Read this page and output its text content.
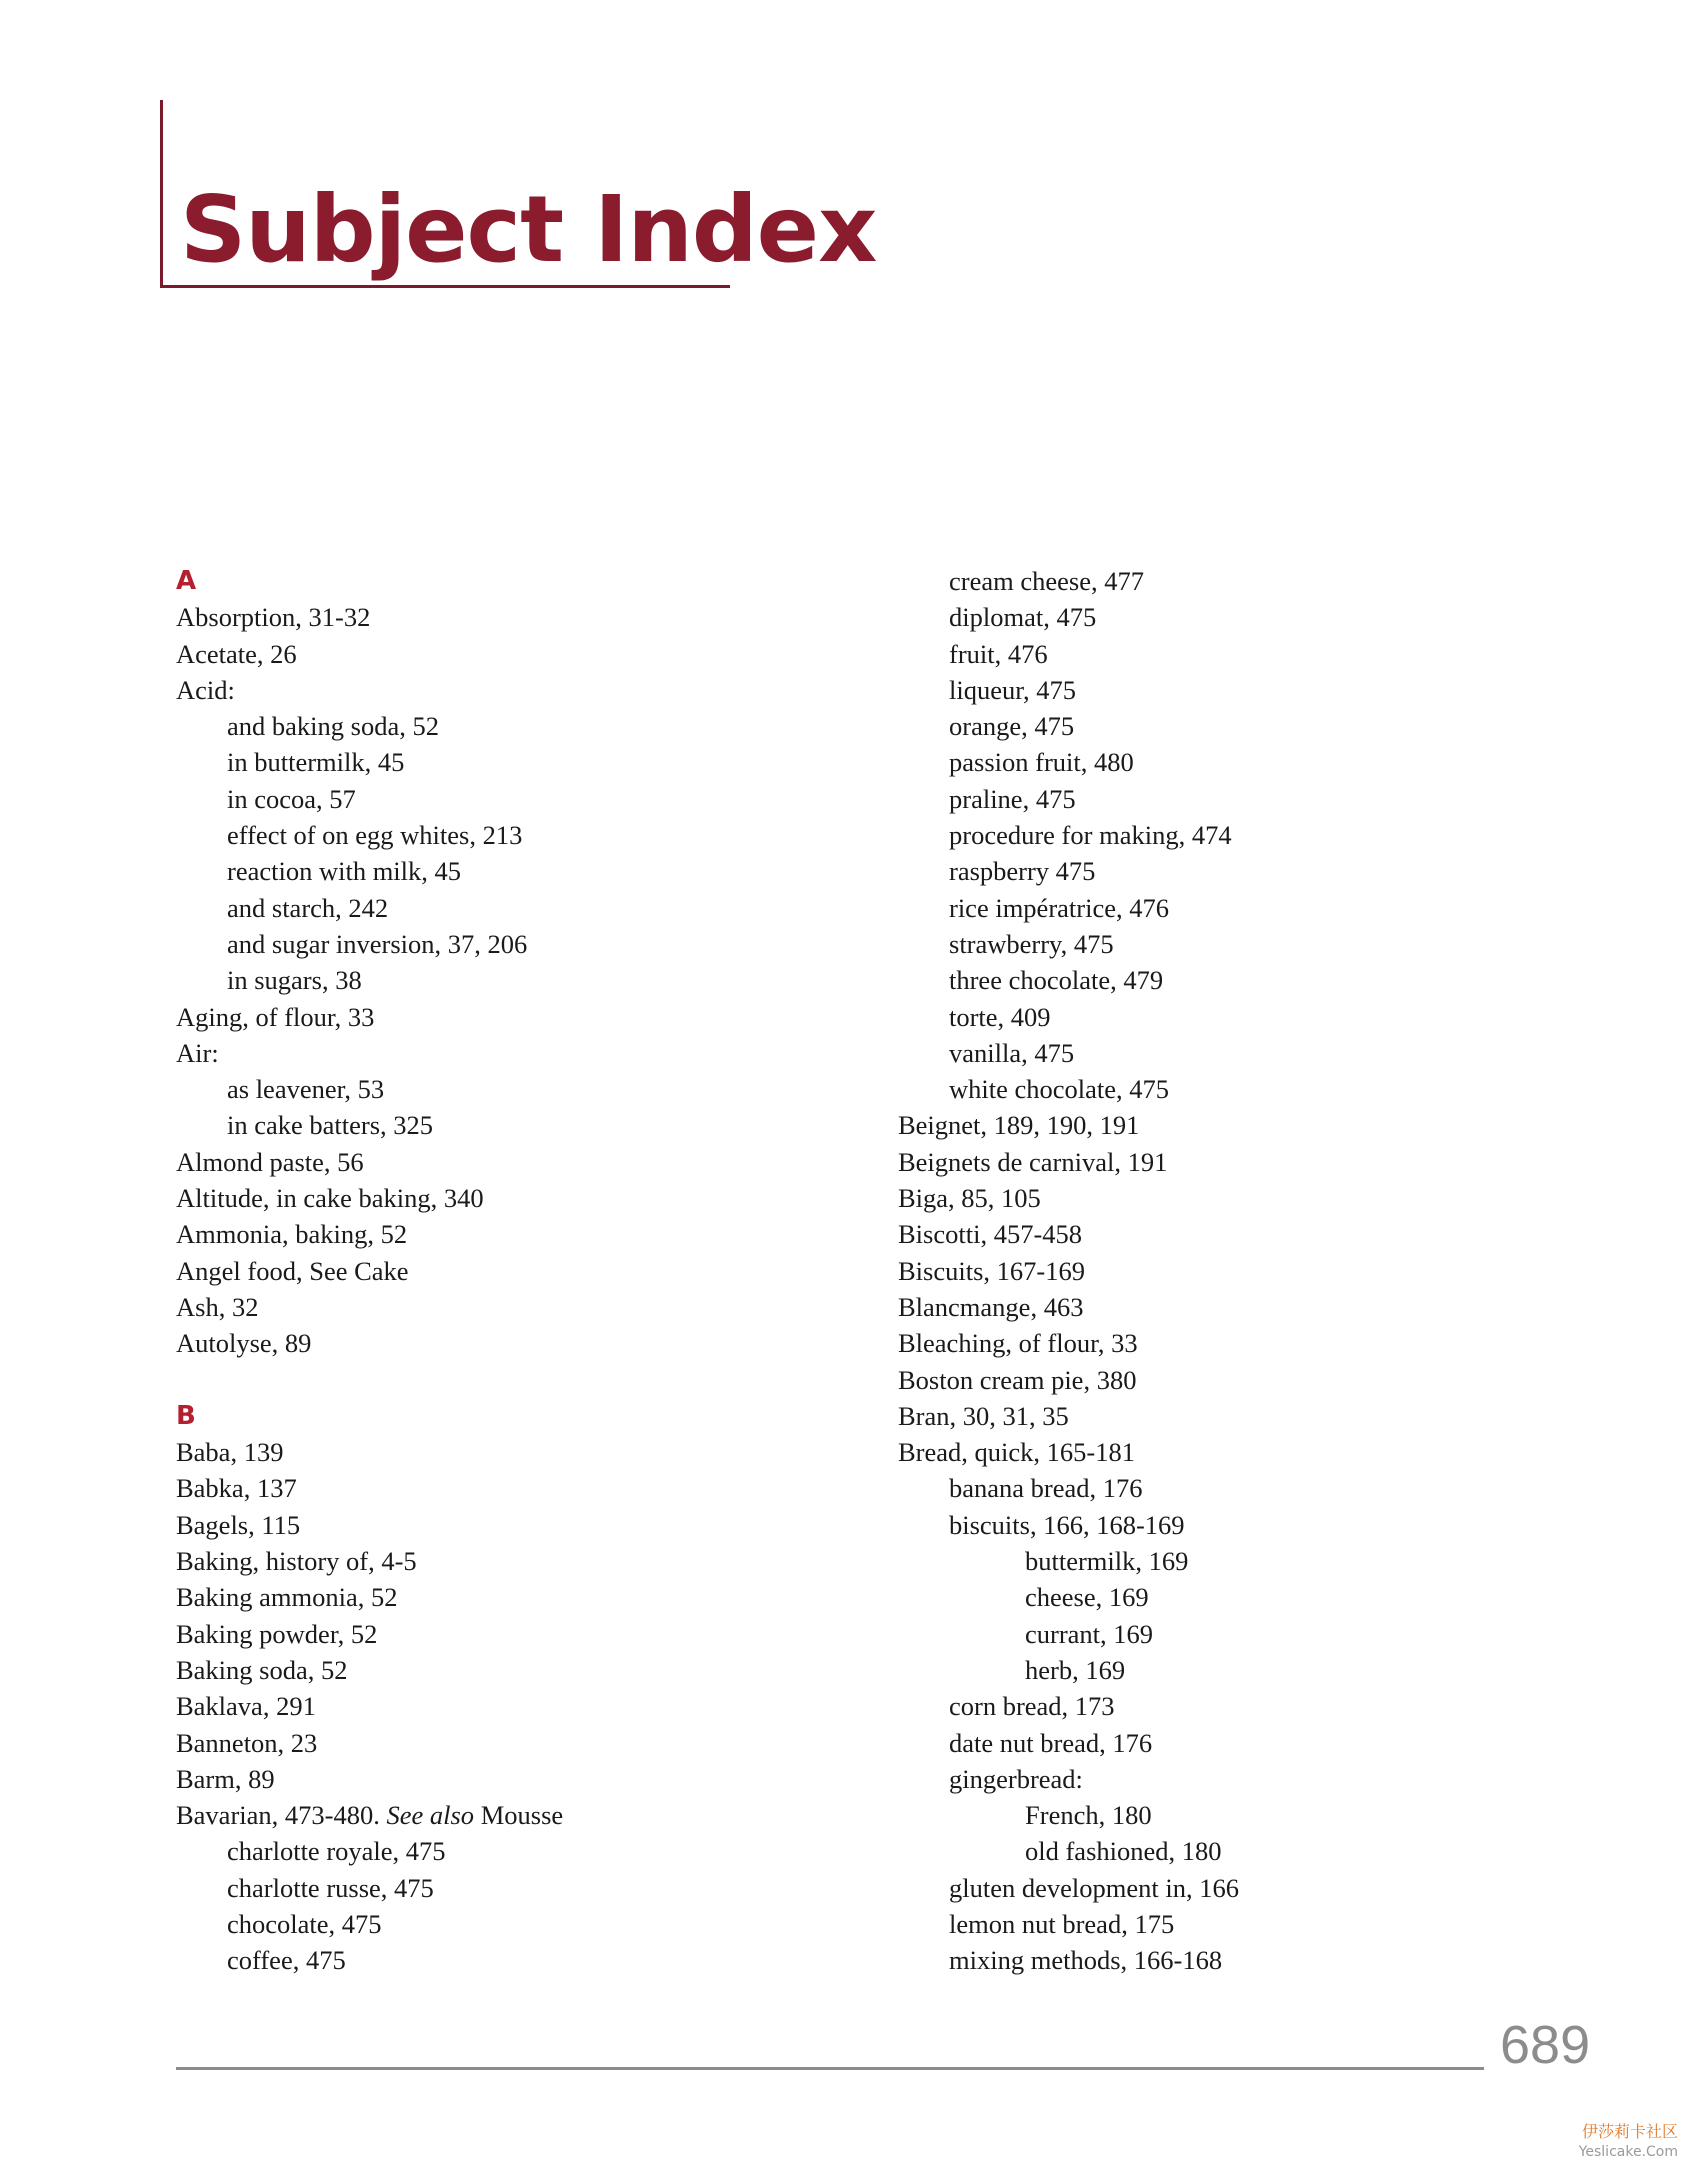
Subject Index
A
Absorption, 31-32
Acetate, 26
Acid:
and baking soda, 52
in buttermilk, 45
in cocoa, 57
effect of on egg whites, 213
reaction with milk, 45
and starch, 242
and sugar inversion, 37, 206
in sugars, 38
Aging, of flour, 33
Air:
as leavener, 53
in cake batters, 325
Almond paste, 56
Altitude, in cake baking, 340
Ammonia, baking, 52
Angel food, See Cake
Ash, 32
Autolyse, 89
B
Baba, 139
Babka, 137
Bagels, 115
Baking, history of, 4-5
Baking ammonia, 52
Baking powder, 52
Baking soda, 52
Baklava, 291
Banneton, 23
Barm, 89
Bavarian, 473-480. See also Mousse
charlotte royale, 475
charlotte russe, 475
chocolate, 475
coffee, 475
cream cheese, 477
diplomat, 475
fruit, 476
liqueur, 475
orange, 475
passion fruit, 480
praline, 475
procedure for making, 474
raspberry 475
rice impératrice, 476
strawberry, 475
three chocolate, 479
torte, 409
vanilla, 475
white chocolate, 475
Beignet, 189, 190, 191
Beignets de carnival, 191
Biga, 85, 105
Biscotti, 457-458
Biscuits, 167-169
Blancmange, 463
Bleaching, of flour, 33
Boston cream pie, 380
Bran, 30, 31, 35
Bread, quick, 165-181
banana bread, 176
biscuits, 166, 168-169
buttermilk, 169
cheese, 169
currant, 169
herb, 169
corn bread, 173
date nut bread, 176
gingerbread:
French, 180
old fashioned, 180
gluten development in, 166
lemon nut bread, 175
mixing methods, 166-168
689
伊莎莉卡社区
Yeslicake.Com
